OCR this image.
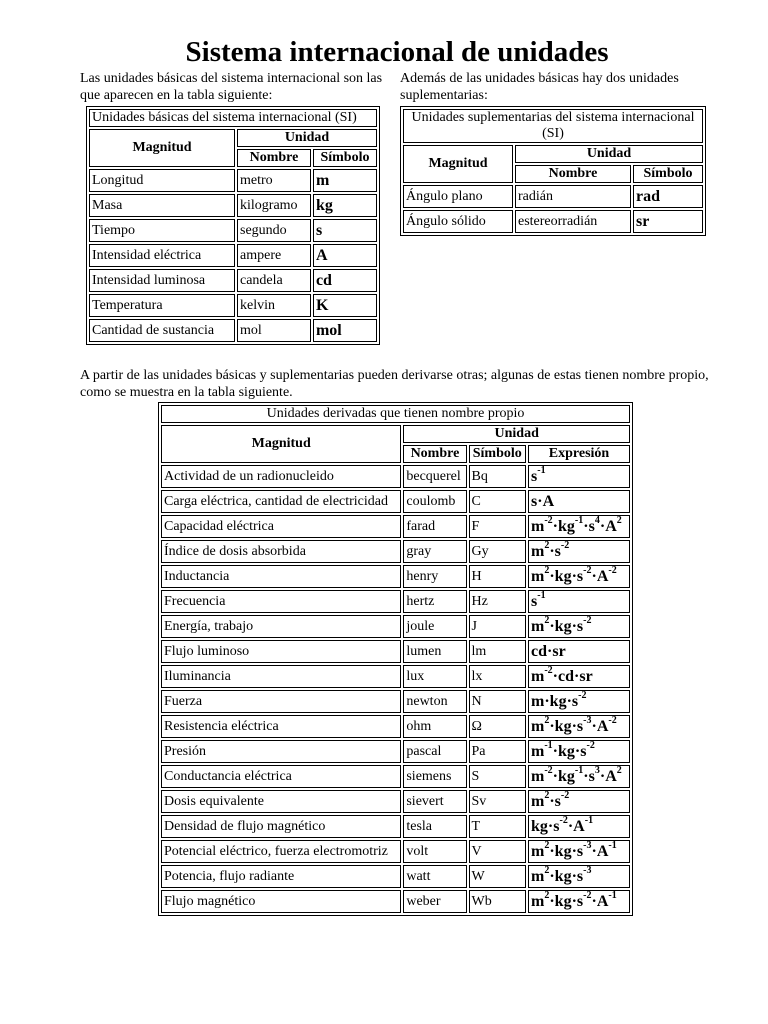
Sistema internacional de unidades

Las unidades básicas del sistema internacional son las que aparecen en la tabla siguiente:

Además de las unidades básicas hay dos unidades suplementarias:

A partir de las unidades básicas y suplementarias pueden derivarse otras; algunas de estas tienen nombre propio, como se muestra en la tabla siguiente.

Unidades básicas del sistema internacional (SI)		
Magnitud	Unidad	
	Nombre	Símbolo
Longitud	metro	m
Masa	kilogramo	kg
Tiempo	segundo	s
Intensidad eléctrica	ampere	A
Intensidad luminosa	candela	cd
Temperatura	kelvin	K
Cantidad de sustancia	mol	mol
Unidades suplementarias del sistema internacional (SI)		
Magnitud	Unidad	
	Nombre	Símbolo
Ángulo plano	radián	rad
Ángulo sólido	estereorradián	sr
Unidades derivadas que tienen nombre propio			
Magnitud	Unidad		
	Nombre	Símbolo	Expresión
Actividad de un radionucleido	becquerel	Bq	$s^{-1}$
Carga eléctrica, cantidad de electricidad	coulomb	C	s·A
Capacidad eléctrica	farad	F	$m^{-2}\cdot kg^{-1}\cdot s^4\cdot A^2$
Índice de dosis absorbida	gray	Gy	$m^2\cdot s^{-2}$
Inductancia	henry	H	$m^2\cdot kg\cdot s^{-2}\cdot A^{-2}$
Frecuencia	hertz	Hz	$s^{-1}$
Energía, trabajo	joule	J	$m^2\cdot kg\cdot s^{-2}$
Flujo luminoso	lumen	lm	cd·sr
Iluminancia	lux	lx	$m^{-2}\cdot cd\cdot sr$
Fuerza	newton	N	$m\cdot kg\cdot s^{-2}$
Resistencia eléctrica	ohm	Ω	$m^2\cdot kg\cdot s^{-3}\cdot A^{-2}$
Presión	pascal	Pa	$m^{-1}\cdot kg\cdot s^{-2}$
Conductancia eléctrica	siemens	S	$m^{-2}\cdot kg^{-1}\cdot s^3\cdot A^2$
Dosis equivalente	sievert	Sv	$m^2\cdot s^{-2}$
Densidad de flujo magnético	tesla	T	$kg\cdot s^{-2}\cdot A^{-1}$
Potencial eléctrico, fuerza electromotriz	volt	V	$m^2\cdot kg\cdot s^{-3}\cdot A^{-1}$
Potencia, flujo radiante	watt	W	$m^2\cdot kg\cdot s^{-3}$
Flujo magnético	weber	Wb	$m^2\cdot kg\cdot s^{-2}\cdot A^{-1}$
